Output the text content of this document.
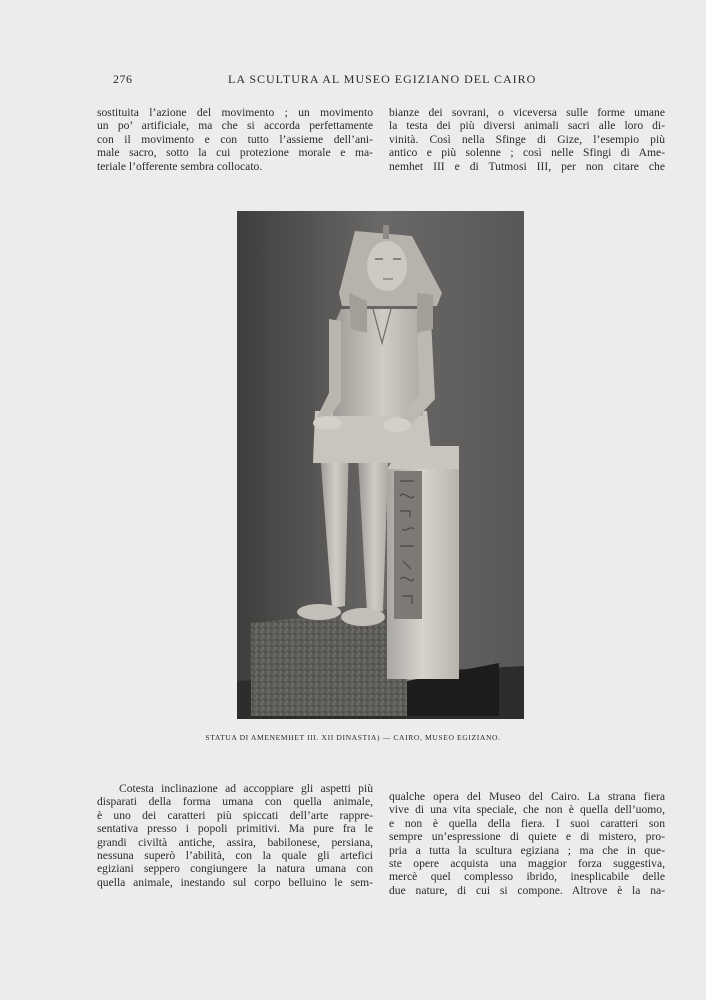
276	LA SCULTURA AL MUSEO EGIZIANO DEL CAIRO
sostituita l’azione del movimento ; un movimento
un po’ artificiale, ma che si accorda perfettamente
con il movimento e con tutto l’assieme dell’ani-
male sacro, sotto la cui protezione morale e ma-
teriale l’offerente sembra collocato.
bianze dei sovrani, o viceversa sulle forme umane
la testa dei più diversi animali sacri alle loro di-
vinità. Così nella Sfinge di Gize, l’esempio più
antico e più solenne ; così nelle Sfingi di Ame-
nemhet III e di Tutmosi III, per non citare che
STATUA DI AMENEMHET III. XII DINASTIA) — CAIRO, MUSEO EGIZIANO.
Cotesta inclinazione ad accoppiare gli aspetti più
disparati della forma umana con quella animale,
è uno dei caratteri più spiccati dell’arte rappre-
sentativa presso i popoli primitivi. Ma pure fra le
grandi civiltà antiche, assira, babilonese, persiana,
nessuna superò l’abilità, con la quale gli artefici
egiziani seppero congiungere la natura umana con
quella animale, inestando sul corpo belluino le sem-
qualche opera del Museo del Cairo. La strana fiera
vive di una vita speciale, che non è quella dell’uomo,
e non è quella della fiera. I suoi caratteri son
sempre un’espressione di quiete e di mistero, pro-
pria a tutta la scultura egiziana ; ma che in que-
ste opere acquista una maggior forza suggestiva,
mercè quel complesso ibrido, inesplicabile delle
due nature, di cui si compone. Altrove è la na-
